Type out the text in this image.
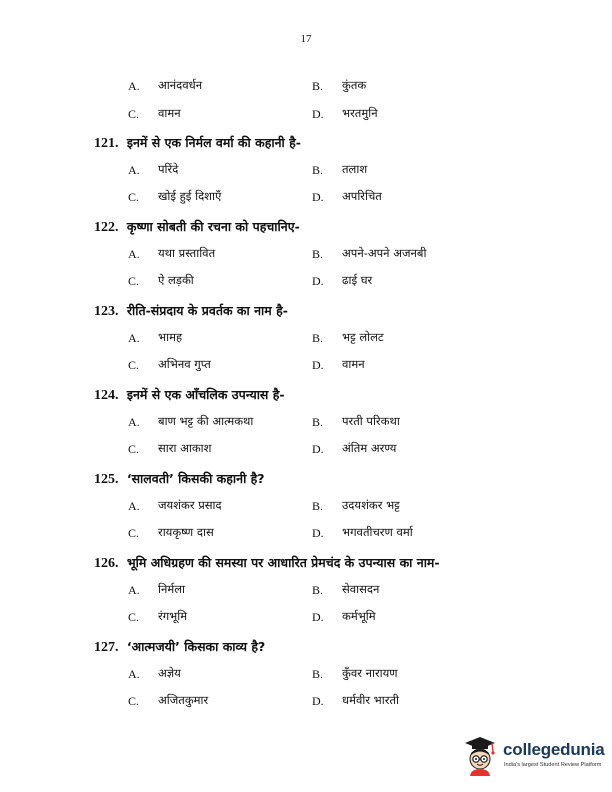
17
A. आनंदवर्धन	B. कुंतक
C. वामन	D. भरतमुनि
121. इनमें से एक निर्मल वर्मा की कहानी है-
A. परिंदे	B. तलाश
C. खोई हुई दिशाएँ	D. अपरिचित
122. कृष्णा सोबती की रचना को पहचानिए-
A. यथा प्रस्तावित	B. अपने-अपने अजनबी
C. ऐ लड़की	D. ढाई घर
123. रीति-संप्रदाय के प्रवर्तक का नाम है-
A. भामह	B. भट्ट लोलट
C. अभिनव गुप्त	D. वामन
124. इनमें से एक आँचलिक उपन्यास है-
A. बाण भट्ट की आत्मकथा	B. परती परिकथा
C. सारा आकाश	D. अंतिम अरण्य
125. ‘सालवती’ किसकी कहानी है?
A. जयशंकर प्रसाद	B. उदयशंकर भट्ट
C. रायकृष्ण दास	D. भगवतीचरण वर्मा
126. भूमि अधिग्रहण की समस्या पर आधारित प्रेमचंद के उपन्यास का नाम-
A. निर्मला	B. सेवासदन
C. रंगभूमि	D. कर्मभूमि
127. ‘आत्मजयी’ किसका काव्य है?
A. अज्ञेय	B. कुँवर नारायण
C. अजितकुमार	D. धर्मवीर भारती
collegedunia
India's largest Student Review Platform
